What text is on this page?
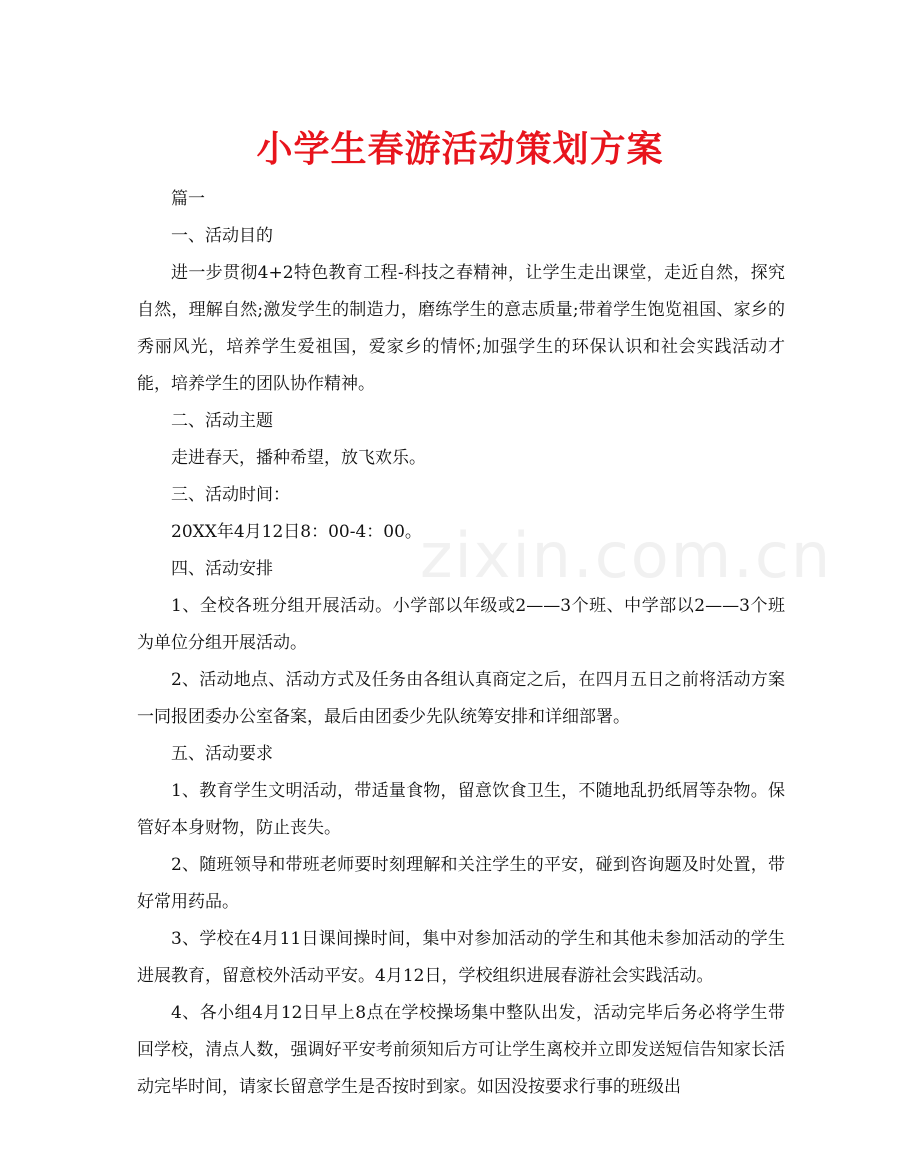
zixin.com.cn
小学生春游活动策划方案

篇一

一、活动目的

进一步贯彻4+2特色教育工程-科技之春精神，让学生走出课堂，走近自然，探究自然，理解自然;激发学生的制造力，磨练学生的意志质量;带着学生饱览祖国、家乡的秀丽风光，培养学生爱祖国，爱家乡的情怀;加强学生的环保认识和社会实践活动才能，培养学生的团队协作精神。

二、活动主题

走进春天，播种希望，放飞欢乐。

三、活动时间：

20XX年4月12日8：00-4：00。

四、活动安排

1、全校各班分组开展活动。小学部以年级或2——3个班、中学部以2——3个班为单位分组开展活动。

2、活动地点、活动方式及任务由各组认真商定之后，在四月五日之前将活动方案一同报团委办公室备案，最后由团委少先队统筹安排和详细部署。

五、活动要求

1、教育学生文明活动，带适量食物，留意饮食卫生，不随地乱扔纸屑等杂物。保管好本身财物，防止丧失。

2、随班领导和带班老师要时刻理解和关注学生的平安，碰到咨询题及时处置，带好常用药品。

3、学校在4月11日课间操时间，集中对参加活动的学生和其他未参加活动的学生进展教育，留意校外活动平安。4月12日，学校组织进展春游社会实践活动。

4、各小组4月12日早上8点在学校操场集中整队出发，活动完毕后务必将学生带回学校，清点人数，强调好平安考前须知后方可让学生离校并立即发送短信告知家长活动完毕时间，请家长留意学生是否按时到家。如因没按要求行事的班级出
